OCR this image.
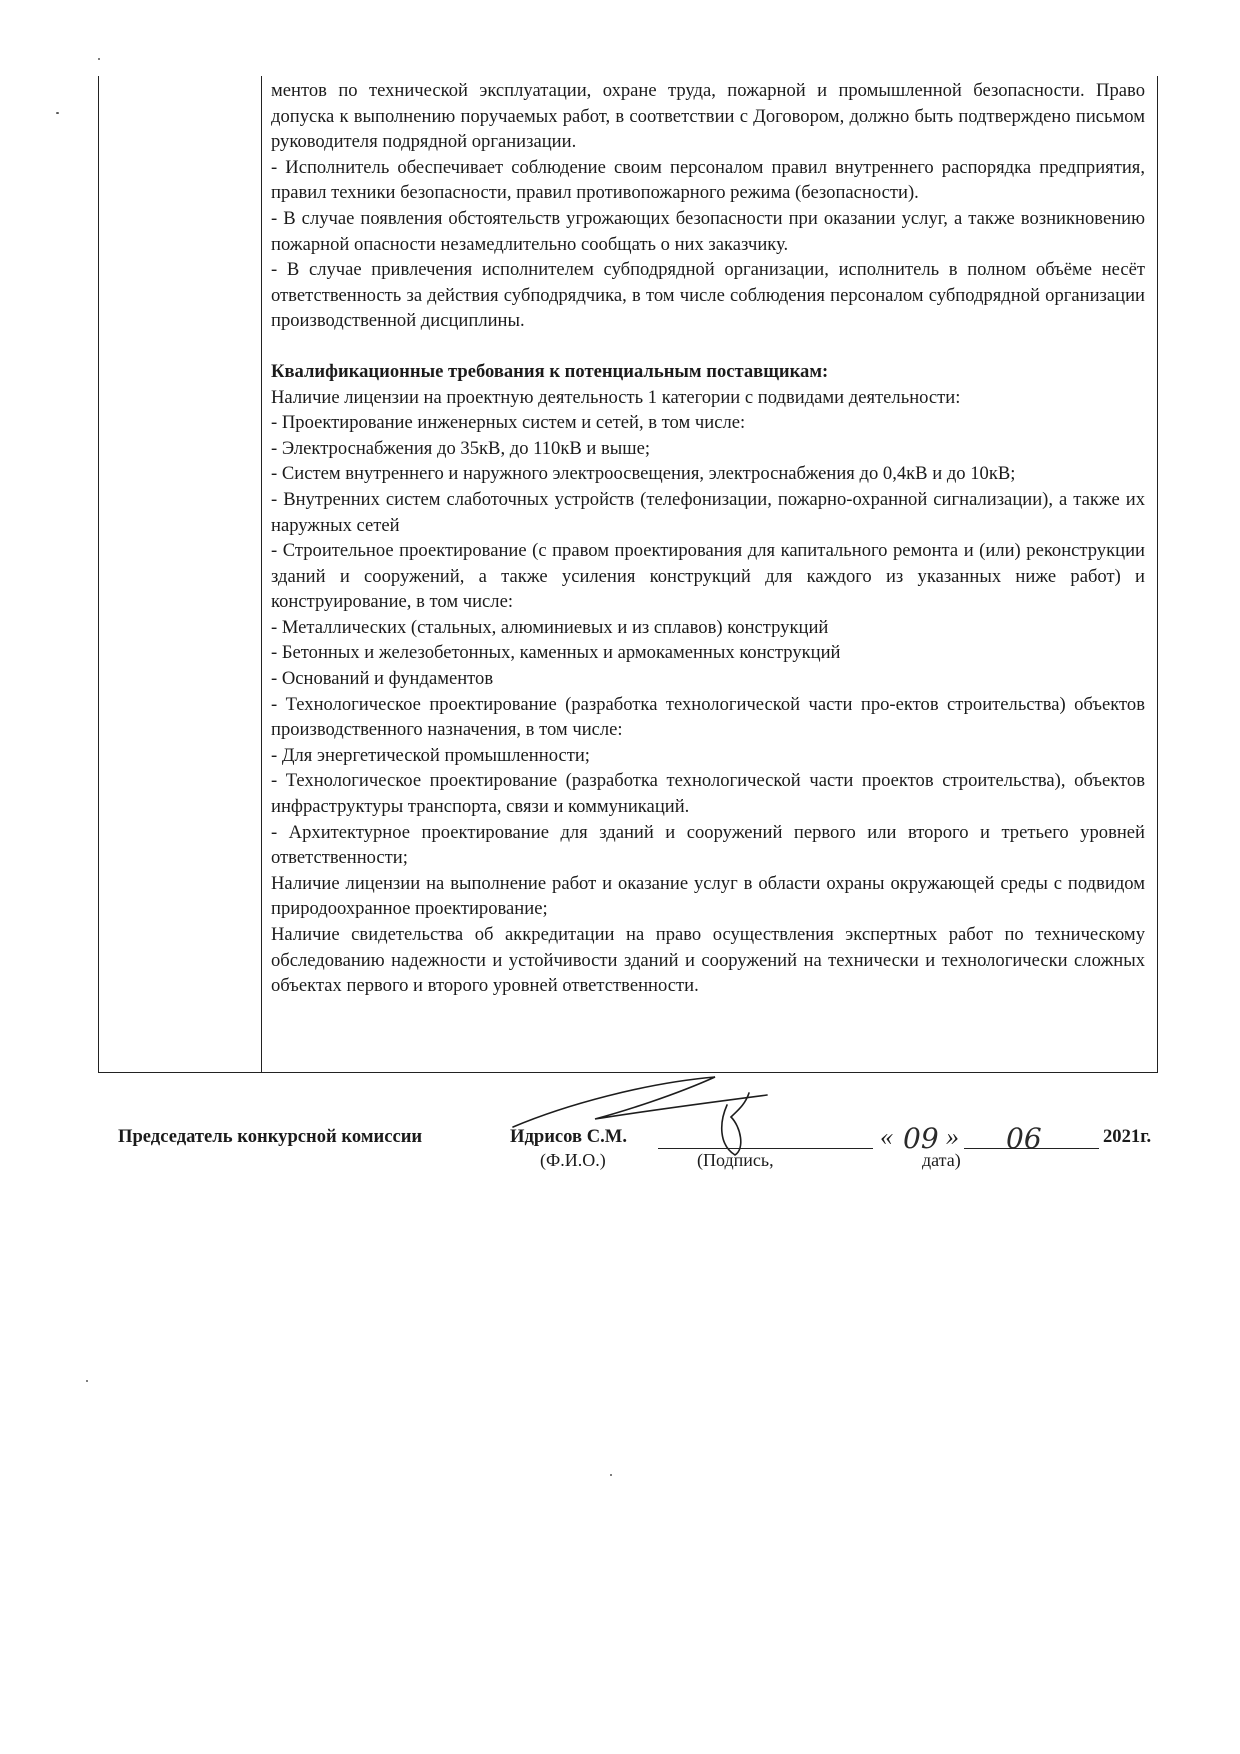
ментов по технической эксплуатации, охране труда, пожарной и промышленной безопасности. Право допуска к выполнению поручаемых работ, в соответствии с Договором, должно быть подтверждено письмом руководителя подрядной организации.

- Исполнитель обеспечивает соблюдение своим персоналом правил внутреннего распорядка предприятия, правил техники безопасности, правил противопожарного режима (безопасности).

- В случае появления обстоятельств угрожающих безопасности при оказании услуг, а также возникновению пожарной опасности незамедлительно сообщать о них заказчику.

- В случае привлечения исполнителем субподрядной организации, исполнитель в полном объёме несёт ответственность за действия субподрядчика, в том числе соблюдения персоналом субподрядной организации производственной дисциплины.

Квалификационные требования к потенциальным поставщикам:

Наличие лицензии на проектную деятельность 1 категории с подвидами деятельности:

- Проектирование инженерных систем и сетей, в том числе:

- Электроснабжения до 35кВ, до 110кВ и выше;

- Систем внутреннего и наружного электроосвещения, электроснабжения до 0,4кВ и до 10кВ;

- Внутренних систем слаботочных устройств (телефонизации, пожарно-охранной сигнализации), а также их наружных сетей

- Строительное проектирование (с правом проектирования для капитального ремонта и (или) реконструкции зданий и сооружений, а также усиления конструкций для каждого из указанных ниже работ) и конструирование, в том числе:

- Металлических (стальных, алюминиевых и из сплавов) конструкций

- Бетонных и железобетонных, каменных и армокаменных конструкций

- Оснований и фундаментов

- Технологическое проектирование (разработка технологической части про-ектов строительства) объектов производственного назначения, в том числе:

- Для энергетической промышленности;

- Технологическое проектирование (разработка технологической части проектов строительства), объектов инфраструктуры транспорта, связи и коммуникаций.

- Архитектурное проектирование для зданий и сооружений первого или второго и третьего уровней ответственности;

Наличие лицензии на выполнение работ и оказание услуг в области охраны окружающей среды с подвидом природоохранное проектирование;

Наличие свидетельства об аккредитации на право осуществления экспертных работ по техническому обследованию надежности и устойчивости зданий и сооружений на технически и технологически сложных объектах первого и второго уровней ответственности.

Председатель конкурсной комиссии	Идрисов С.М.	« 09 » 06	2021г.
(Ф.И.О.)	(Подпись,	дата)
